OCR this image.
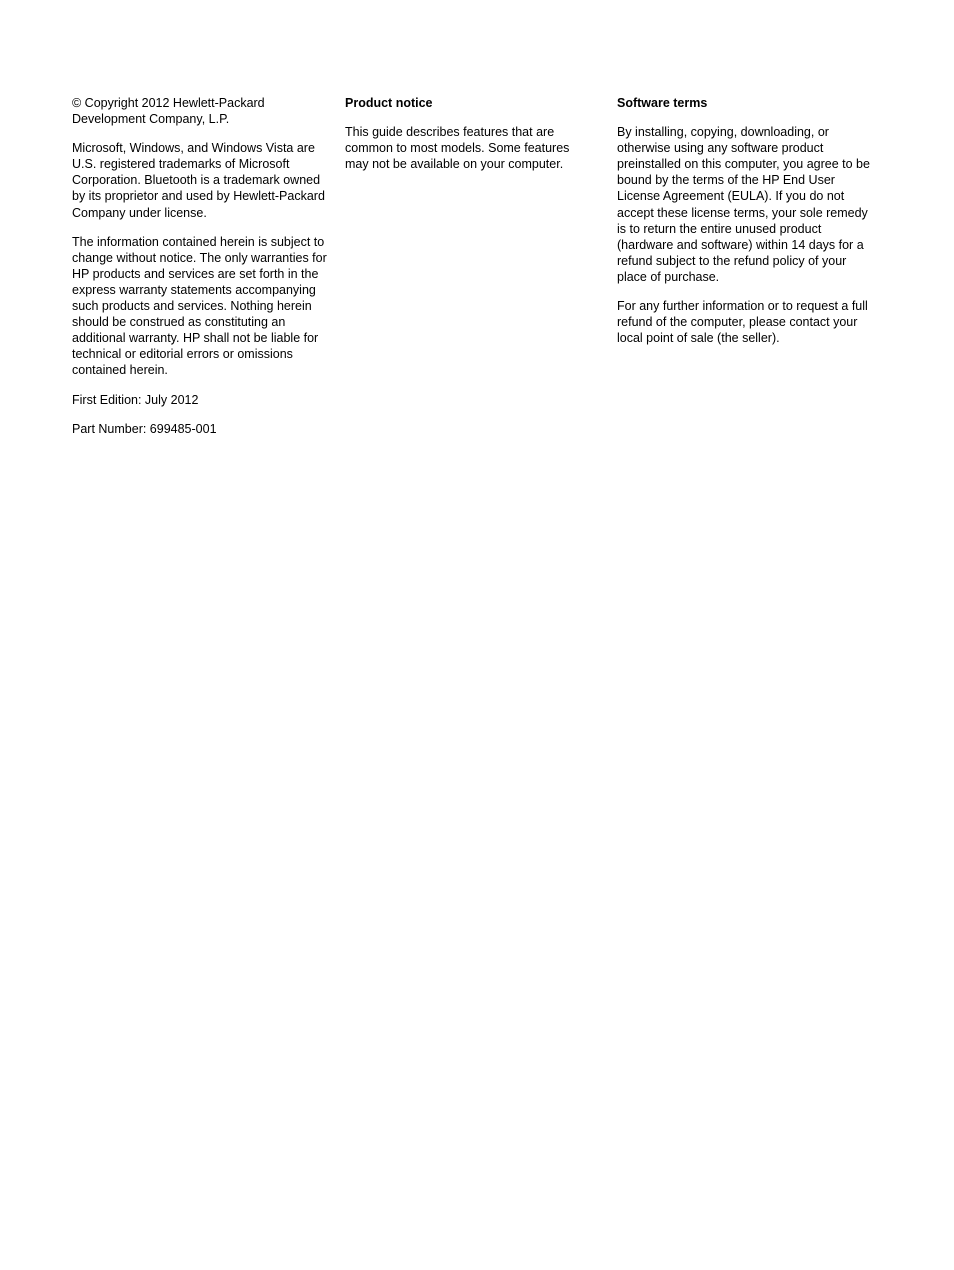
© Copyright 2012 Hewlett-Packard Development Company, L.P.

Microsoft, Windows, and Windows Vista are U.S. registered trademarks of Microsoft Corporation. Bluetooth is a trademark owned by its proprietor and used by Hewlett-Packard Company under license.

The information contained herein is subject to change without notice. The only warranties for HP products and services are set forth in the express warranty statements accompanying such products and services. Nothing herein should be construed as constituting an additional warranty. HP shall not be liable for technical or editorial errors or omissions contained herein.

First Edition: July 2012

Part Number: 699485-001

Product notice

This guide describes features that are common to most models. Some features may not be available on your computer.

Software terms

By installing, copying, downloading, or otherwise using any software product preinstalled on this computer, you agree to be bound by the terms of the HP End User License Agreement (EULA). If you do not accept these license terms, your sole remedy is to return the entire unused product (hardware and software) within 14 days for a refund subject to the refund policy of your place of purchase.

For any further information or to request a full refund of the computer, please contact your local point of sale (the seller).
